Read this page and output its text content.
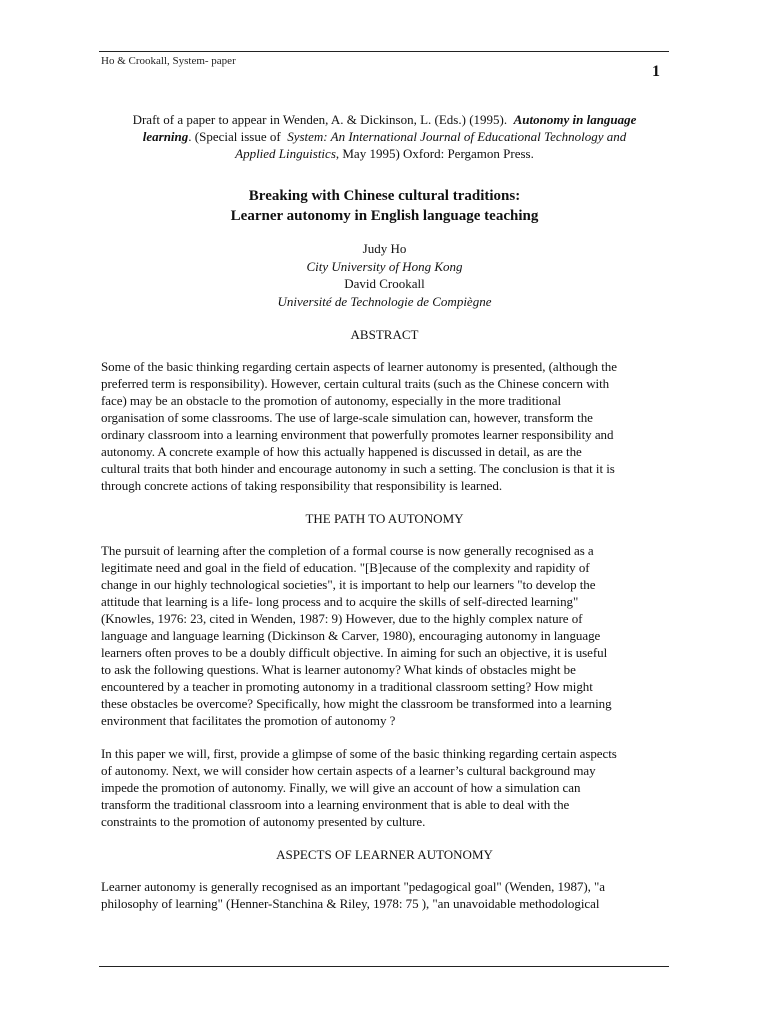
Ho & Crookall, System- paper
1

Draft of a paper to appear in Wenden, A. & Dickinson, L. (Eds.) (1995). Autonomy in language
learning. (Special issue of System: An International Journal of Educational Technology and
Applied Linguistics, May 1995) Oxford: Pergamon Press.

Breaking with Chinese cultural traditions:
Learner autonomy in English language teaching
Judy Ho
City University of Hong Kong
David Crookall
Université de Technologie de Compiègne
ABSTRACT
Some of the basic thinking regarding certain aspects of learner autonomy is presented, (although the
preferred term is responsibility). However, certain cultural traits (such as the Chinese concern with
face) may be an obstacle to the promotion of autonomy, especially in the more traditional
organisation of some classrooms. The use of large-scale simulation can, however, transform the
ordinary classroom into a learning environment that powerfully promotes learner responsibility and
autonomy. A concrete example of how this actually happened is discussed in detail, as are the
cultural traits that both hinder and encourage autonomy in such a setting. The conclusion is that it is
through concrete actions of taking responsibility that responsibility is learned.
THE PATH TO AUTONOMY
The pursuit of learning after the completion of a formal course is now generally recognised as a
legitimate need and goal in the field of education. "[B]ecause of the complexity and rapidity of
change in our highly technological societies", it is important to help our learners "to develop the
attitude that learning is a life- long process and to acquire the skills of self-directed learning"
(Knowles, 1976: 23, cited in Wenden, 1987: 9) However, due to the highly complex nature of
language and language learning (Dickinson & Carver, 1980), encouraging autonomy in language
learners often proves to be a doubly difficult objective. In aiming for such an objective, it is useful
to ask the following questions. What is learner autonomy? What kinds of obstacles might be
encountered by a teacher in promoting autonomy in a traditional classroom setting? How might
these obstacles be overcome? Specifically, how might the classroom be transformed into a learning
environment that facilitates the promotion of autonomy ?
In this paper we will, first, provide a glimpse of some of the basic thinking regarding certain aspects
of autonomy. Next, we will consider how certain aspects of a learner’s cultural background may
impede the promotion of autonomy. Finally, we will give an account of how a simulation can
transform the traditional classroom into a learning environment that is able to deal with the
constraints to the promotion of autonomy presented by culture.
ASPECTS OF LEARNER AUTONOMY
Learner autonomy is generally recognised as an important "pedagogical goal" (Wenden, 1987), "a
philosophy of learning" (Henner-Stanchina & Riley, 1978: 75 ), "an unavoidable methodological
